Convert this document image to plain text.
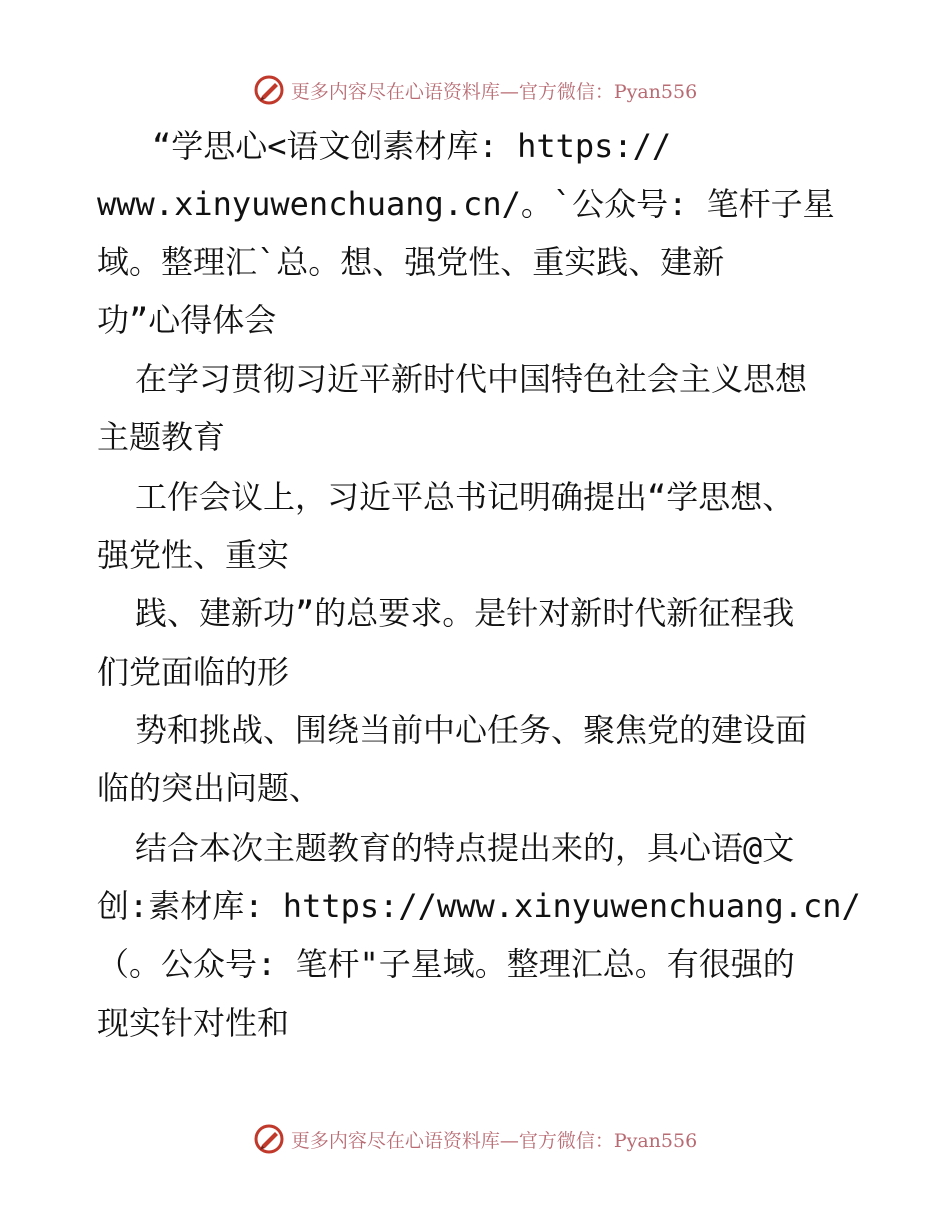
更多内容尽在心语资料库—官方微信：Pyan556
“学思心<语文创素材库: https://
www.xinyuwenchuang.cn/。`公众号: 笔杆子星
域。整理汇`总。想、强党性、重实践、建新
功”心得体会
在学习贯彻习近平新时代中国特色社会主义思想
主题教育
工作会议上，习近平总书记明确提出“学思想、
强党性、重实
践、建新功”的总要求。是针对新时代新征程我
们党面临的形
势和挑战、围绕当前中心任务、聚焦党的建设面
临的突出问题、
结合本次主题教育的特点提出来的，具心语@文
创:素材库: https://www.xinyuwenchuang.cn/
（。公众号: 笔杆"子星域。整理汇总。有很强的
现实针对性和
更多内容尽在心语资料库—官方微信：Pyan556
